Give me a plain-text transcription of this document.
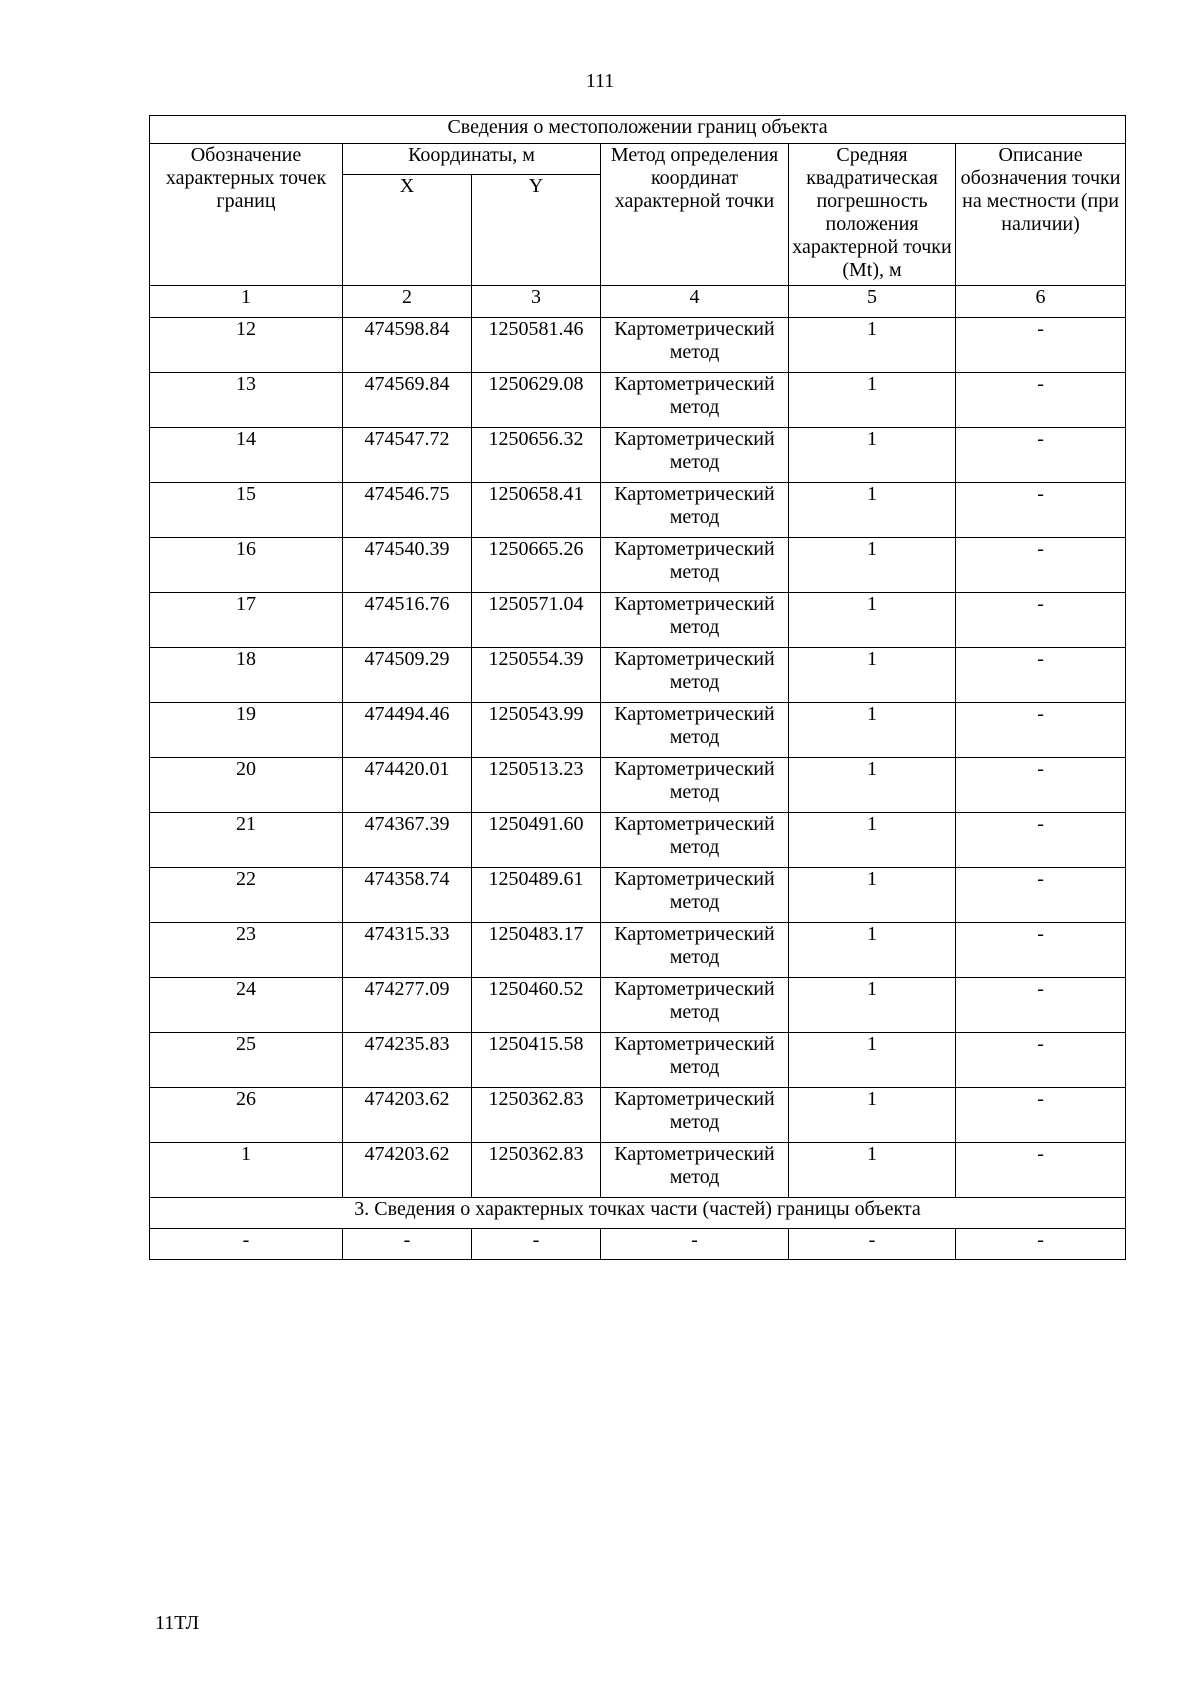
111
Сведения о местоположении границ объекта					
Обозначение характерных точек границ	Координаты, м		Метод определения координат характерной точки	Средняя квадратическая погрешность положения характерной точки (Mt), м	Описание обозначения точки на местности (при наличии)
	X	Y			
1	2	3	4	5	6
12	474598.84	1250581.46	Картометрический метод	1	-
13	474569.84	1250629.08	Картометрический метод	1	-
14	474547.72	1250656.32	Картометрический метод	1	-
15	474546.75	1250658.41	Картометрический метод	1	-
16	474540.39	1250665.26	Картометрический метод	1	-
17	474516.76	1250571.04	Картометрический метод	1	-
18	474509.29	1250554.39	Картометрический метод	1	-
19	474494.46	1250543.99	Картометрический метод	1	-
20	474420.01	1250513.23	Картометрический метод	1	-
21	474367.39	1250491.60	Картометрический метод	1	-
22	474358.74	1250489.61	Картометрический метод	1	-
23	474315.33	1250483.17	Картометрический метод	1	-
24	474277.09	1250460.52	Картометрический метод	1	-
25	474235.83	1250415.58	Картометрический метод	1	-
26	474203.62	1250362.83	Картометрический метод	1	-
1	474203.62	1250362.83	Картометрический метод	1	-
3. Сведения о характерных точках части (частей) границы объекта					
-	-	-	-	-	-
11ТЛ
